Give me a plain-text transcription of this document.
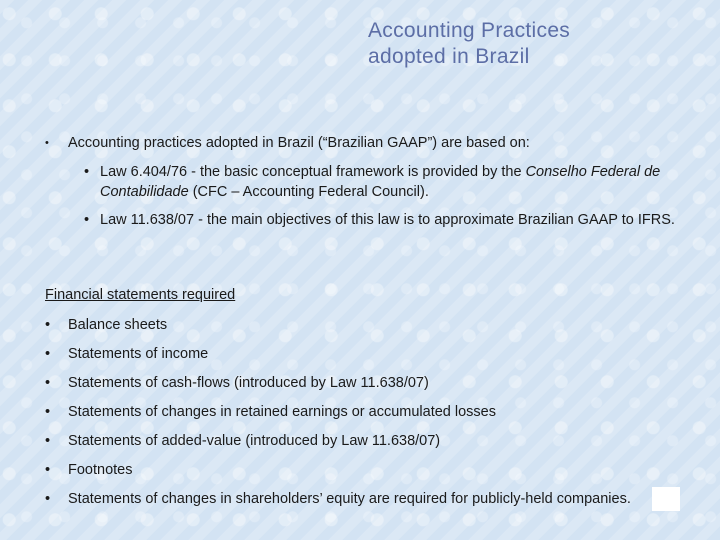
Accounting Practices
adopted in Brazil
• Accounting practices adopted in Brazil (“Brazilian GAAP”) are based on:
• Law 6.404/76 - the basic conceptual framework is provided by the Conselho Federal de Contabilidade (CFC – Accounting Federal Council).
• Law 11.638/07 - the main objectives of this law is to approximate Brazilian GAAP to IFRS.
Financial statements required
• Balance sheets
• Statements of income
• Statements of cash-flows (introduced by Law 11.638/07)
• Statements of changes in retained earnings or accumulated losses
• Statements of added-value (introduced by Law 11.638/07)
• Footnotes
• Statements of changes in shareholders’ equity are required for publicly-held companies.
